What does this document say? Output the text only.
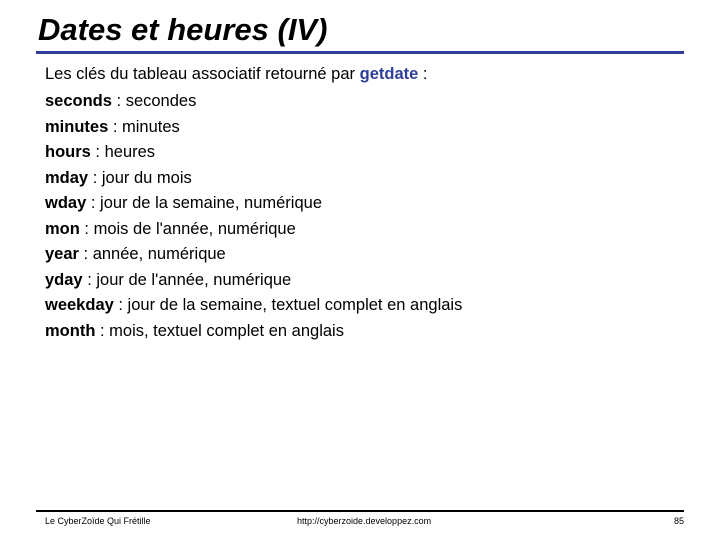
Dates et heures (IV)
Les clés du tableau associatif retourné par getdate :
seconds : secondes
minutes : minutes
hours : heures
mday : jour du mois
wday : jour de la semaine, numérique
mon : mois de l'année, numérique
year : année, numérique
yday : jour de l'année, numérique
weekday : jour de la semaine, textuel complet en anglais
month : mois, textuel complet en anglais
Le CyberZoïde Qui Frétille	http://cyberzoide.developpez.com	85
